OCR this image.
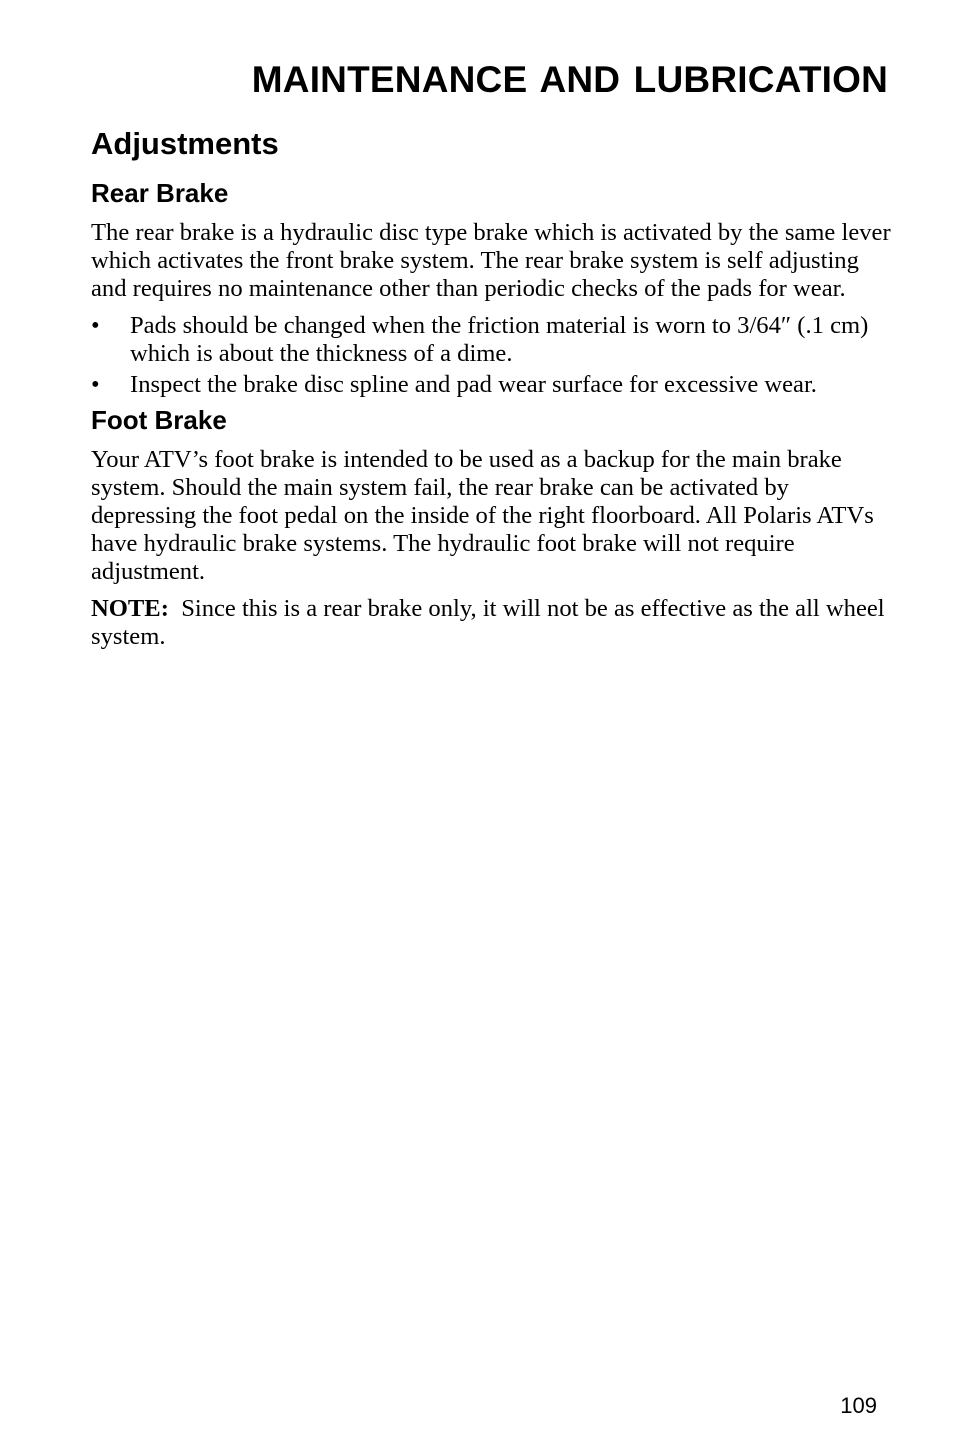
MAINTENANCE AND LUBRICATION
Adjustments
Rear Brake

The rear brake is a hydraulic disc type brake which is activated by the same lever which activates the front brake system. The rear brake system is self adjusting and requires no maintenance other than periodic checks of the pads for wear.

• Pads should be changed when the friction material is worn to 3/64″ (.1 cm) which is about the thickness of a dime.
• Inspect the brake disc spline and pad wear surface for excessive wear.
Foot Brake

Your ATV’s foot brake is intended to be used as a backup for the main brake system. Should the main system fail, the rear brake can be activated by depressing the foot pedal on the inside of the right floorboard. All Polaris ATVs have hydraulic brake systems. The hydraulic foot brake will not require adjustment.

NOTE: Since this is a rear brake only, it will not be as effective as the all wheel system.

109
